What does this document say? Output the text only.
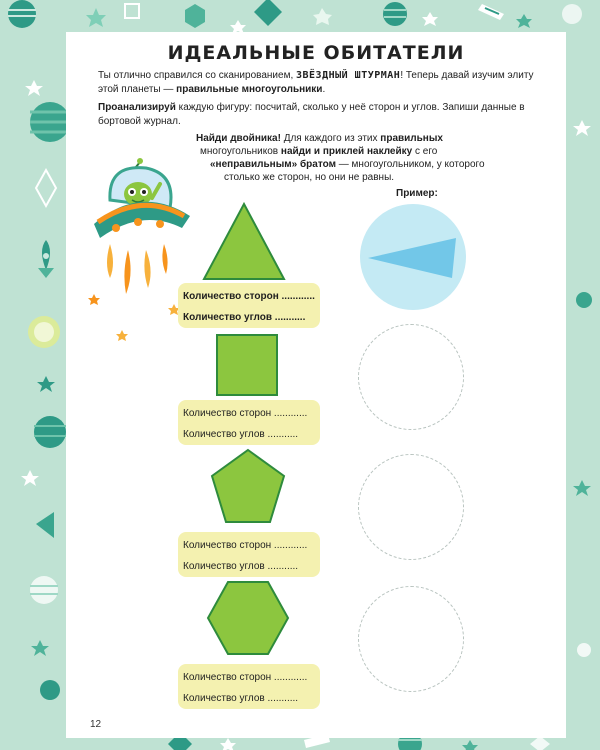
ИДЕАЛЬНЫЕ ОБИТАТЕЛИ
Ты отлично справился со сканированием, ЗВЁЗДНЫЙ ШТУРМАН! Теперь давай изучим элиту этой планеты — правильные многоугольники.
Проанализируй каждую фигуру: посчитай, сколько у неё сторон и углов. Запиши данные в бортовой журнал.
Найди двойника! Для каждого из этих правильных
многоугольников найди и приклей наклейку с его
«неправильным» братом — многоугольником, у которого
столько же сторон, но они не равны.
Пример:
Количество сторон ............
Количество углов ...........
Количество сторон ............
Количество углов ...........
Количество сторон ............
Количество углов ...........
Количество сторон ............
Количество углов ...........
12
